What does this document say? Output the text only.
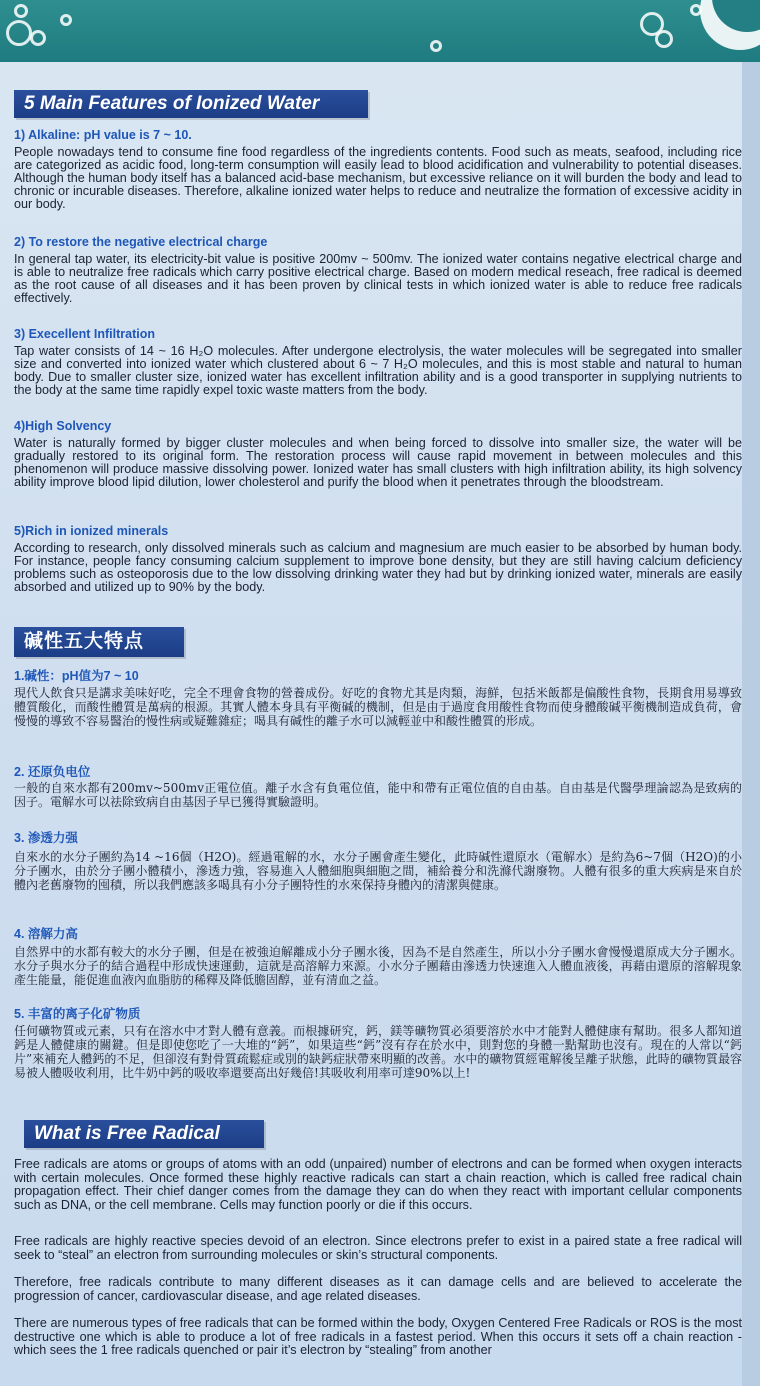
5 Main Features of Ionized Water
1) Alkaline: pH value is 7 ~ 10.
People nowadays tend to consume fine food regardless of the ingredients contents. Food such as meats, seafood, including rice are categorized as acidic food, long-term consumption will easily lead to blood acidification and vulnerability to potential diseases. Although the human body itself has a balanced acid-base mechanism, but excessive reliance on it will burden the body and lead to chronic or incurable diseases. Therefore, alkaline ionized water helps to reduce and neutralize the formation of excessive acidity in our body.
2) To restore the negative electrical charge
In general tap water, its electricity-bit value is positive 200mv ~ 500mv. The ionized water contains negative electrical charge and is able to neutralize free radicals which carry positive electrical charge. Based on modern medical reseach, free radical is deemed as the root cause of all diseases and it has been proven by clinical tests in which ionized water is able to reduce free radicals effectively.
3) Execellent Infiltration
Tap water consists of 14 ~ 16 H₂O molecules. After undergone electrolysis, the water molecules will be segregated into smaller size and converted into ionized water which clustered about 6 ~ 7 H₂O molecules, and this is most stable and natural to human body. Due to smaller cluster size, ionized water has excellent infiltration ability and is a good transporter in supplying nutrients to the body at the same time rapidly expel toxic waste matters from the body.
4)High Solvency
Water is naturally formed by bigger cluster molecules and when being forced to dissolve into smaller size, the water will be gradually restored to its original form. The restoration process will cause rapid movement in between molecules and this phenomenon will produce massive dissolving power. Ionized water has small clusters with high infiltration ability, its high solvency ability improve blood lipid dilution, lower cholesterol and purify the blood when it penetrates through the bloodstream.
5)Rich in ionized minerals
According to research, only dissolved minerals such as calcium and magnesium are much easier to be absorbed by human body. For instance, people fancy consuming calcium supplement to improve bone density, but they are still having calcium deficiency problems such as osteoporosis due to the low dissolving drinking water they had but by drinking ionized water, minerals are easily absorbed and utilized up to 90% by the body.
碱性五大特点
1.碱性：pH值为7 ~ 10
現代人飲食只是講求美味好吃，完全不理會食物的營養成份。好吃的食物尤其是肉類，海鮮，包括米飯都是偏酸性食物，長期食用易導致體質酸化，而酸性體質是萬病的根源。其實人體本身具有平衡碱的機制，但是由于過度食用酸性食物而使身體酸碱平衡機制造成負荷，會慢慢的導致不容易醫治的慢性病或疑難雜症；喝具有碱性的離子水可以減輕並中和酸性體質的形成。
2. 还原负电位
一般的自來水都有200mv~500mv正電位值。離子水含有負電位值，能中和帶有正電位值的自由基。自由基是代醫學理論認為是致病的因子。電解水可以祛除致病自由基因子早已獲得實驗證明。
3. 渗透力强
自來水的水分子團約為14 ~16個（H2O)。經過電解的水，水分子團會產生變化，此時碱性還原水（電解水）是約為6~7個（H2O)的小分子團水，由於分子團小體積小，滲透力強，容易進入人體細胞與細胞之間，補給養分和洗滌代謝廢物。人體有很多的重大疾病是來自於體內老舊廢物的囤積，所以我們應該多喝具有小分子團特性的水來保持身體內的清潔與健康。
4. 溶解力高
自然界中的水都有較大的水分子團，但是在被強迫解離成小分子團水後，因為不是自然產生，所以小分子團水會慢慢還原成大分子團水。水分子與水分子的結合過程中形成快速運動，這就是高溶解力來源。小水分子團藉由滲透力快速進入人體血液後，再藉由還原的溶解現象產生能量，能促進血液內血脂肪的稀釋及降低膽固醇，並有清血之益。
5. 丰富的离子化矿物质
任何礦物質或元素，只有在溶水中才對人體有意義。而根據研究，鈣，鎂等礦物質必須要溶於水中才能對人體健康有幫助。很多人都知道鈣是人體健康的關鍵。但是即使您吃了一大堆的“鈣”，如果這些“鈣”沒有存在於水中，則對您的身體一點幫助也沒有。現在的人常以“鈣片”來補充人體鈣的不足，但卻沒有對骨質疏鬆症或別的缺鈣症狀帶來明顯的改善。水中的礦物質經電解後呈離子狀態，此時的礦物質最容易被人體吸收利用，比牛奶中鈣的吸收率還要高出好幾倍!其吸收利用率可達90%以上!
What is Free Radical
Free radicals are atoms or groups of atoms with an odd (unpaired) number of electrons and can be formed when oxygen interacts with certain molecules. Once formed these highly reactive radicals can start a chain reaction, which is called free radical chain propagation effect. Their chief danger comes from the damage they can do when they react with important cellular components such as DNA, or the cell membrane. Cells may function poorly or die if this occurs.
Free radicals are highly reactive species devoid of an electron. Since electrons prefer to exist in a paired state a free radical will seek to “steal” an electron from surrounding molecules or skin’s structural components.
Therefore, free radicals contribute to many different diseases as it can damage cells and are believed to accelerate the progression of cancer, cardiovascular disease, and age related diseases.
There are numerous types of free radicals that can be formed within the body, Oxygen Centered Free Radicals or ROS is the most destructive one which is able to produce a lot of free radicals in a fastest period. When this occurs it sets off a chain reaction - which sees the 1 free radicals quenched or pair it’s electron by “stealing” from another
